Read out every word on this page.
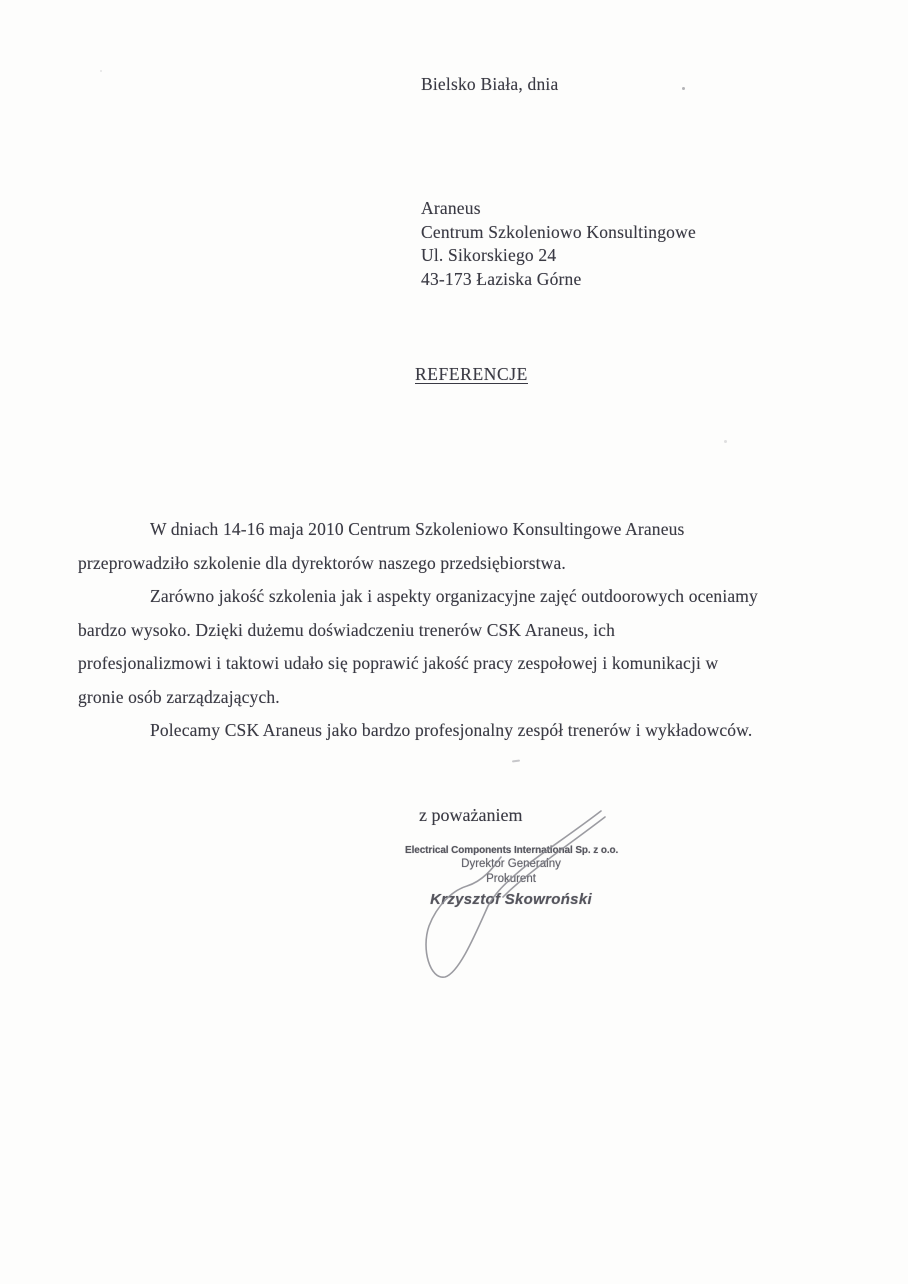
Bielsko Biała, dnia
Araneus
Centrum Szkoleniowo Konsultingowe
Ul. Sikorskiego 24
43-173 Łaziska Górne
REFERENCJE
W dniach 14-16 maja 2010 Centrum Szkoleniowo Konsultingowe Araneus
przeprowadziło szkolenie dla dyrektorów naszego przedsiębiorstwa.
Zarówno jakość szkolenia jak i aspekty organizacyjne zajęć outdoorowych oceniamy
bardzo wysoko. Dzięki dużemu doświadczeniu trenerów CSK Araneus, ich
profesjonalizmowi i taktowi udało się poprawić jakość pracy zespołowej i komunikacji w
gronie osób zarządzających.
Polecamy CSK Araneus jako bardzo profesjonalny zespół trenerów i wykładowców.
z poważaniem
Electrical Components International Sp. z o.o.
Dyrektor Generalny
Prokurent
Krzysztof Skowroński
